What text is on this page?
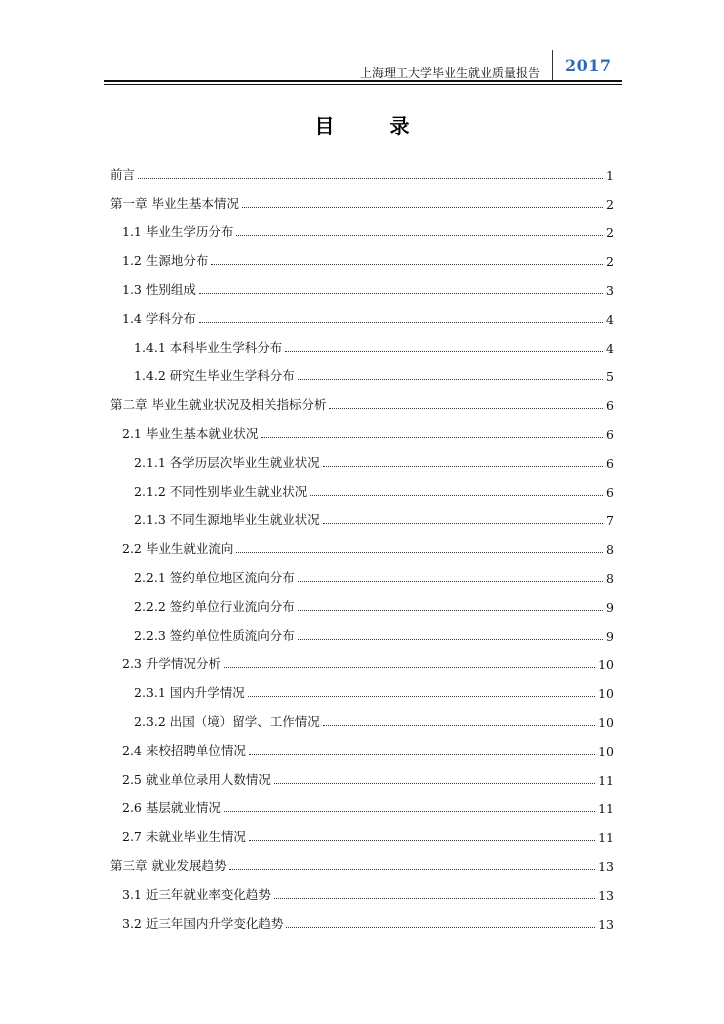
上海理工大学毕业生就业质量报告 2017
目 录
前言	1
第一章 毕业生基本情况	2
1.1 毕业生学历分布	2
1.2 生源地分布	2
1.3 性别组成	3
1.4 学科分布	4
1.4.1 本科毕业生学科分布	4
1.4.2 研究生毕业生学科分布	5
第二章 毕业生就业状况及相关指标分析	6
2.1 毕业生基本就业状况	6
2.1.1 各学历层次毕业生就业状况	6
2.1.2 不同性别毕业生就业状况	6
2.1.3 不同生源地毕业生就业状况	7
2.2 毕业生就业流向	8
2.2.1 签约单位地区流向分布	8
2.2.2 签约单位行业流向分布	9
2.2.3 签约单位性质流向分布	9
2.3 升学情况分析	10
2.3.1 国内升学情况	10
2.3.2 出国（境）留学、工作情况	10
2.4 来校招聘单位情况	10
2.5 就业单位录用人数情况	11
2.6 基层就业情况	11
2.7 未就业毕业生情况	11
第三章 就业发展趋势	13
3.1 近三年就业率变化趋势	13
3.2 近三年国内升学变化趋势	13
